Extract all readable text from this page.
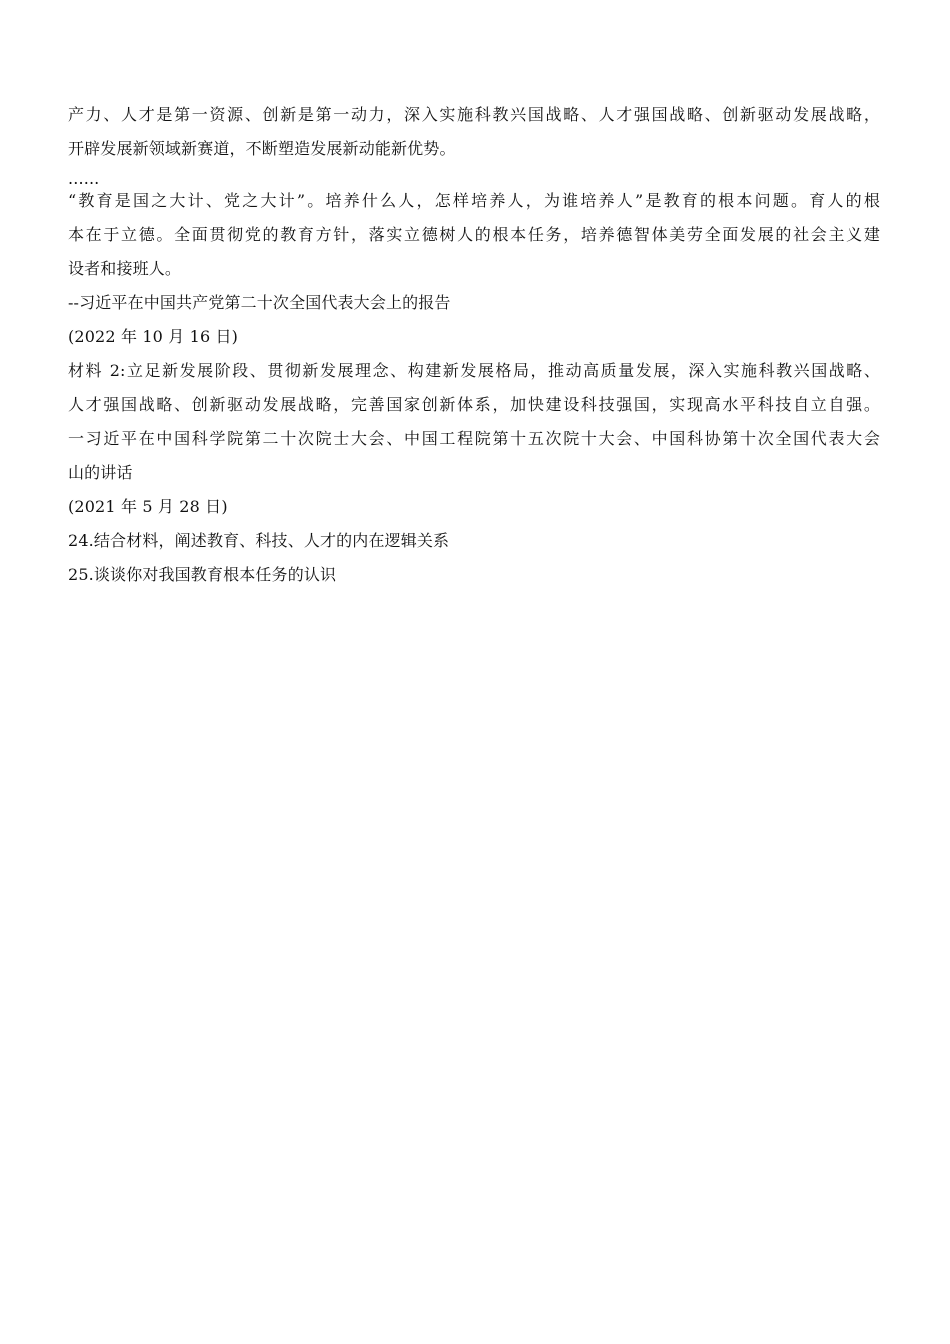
产力、人才是第一资源、创新是第一动力，深入实施科教兴国战略、人才强国战略、创新驱动发展战略，

开辟发展新领域新赛道，不断塑造发展新动能新优势。

......

“教育是国之大计、党之大计”。培养什么人，怎样培养人，为谁培养人”是教育的根本问题。育人的根

本在于立德。全面贯彻党的教育方针，落实立德树人的根本任务，培养德智体美劳全面发展的社会主义建

设者和接班人。

--习近平在中国共产党第二十次全国代表大会上的报告

(2022 年 10 月 16 日)

材料 2:立足新发展阶段、贯彻新发展理念、构建新发展格局，推动高质量发展，深入实施科教兴国战略、

人才强国战略、创新驱动发展战略，完善国家创新体系，加快建设科技强国，实现高水平科技自立自强。

一习近平在中国科学院第二十次院士大会、中国工程院第十五次院十大会、中国科协第十次全国代表大会

山的讲话

(2021 年 5 月 28 日)

24.结合材料，阐述教育、科技、人才的内在逻辑关系

25.谈谈你对我国教育根本任务的认识
